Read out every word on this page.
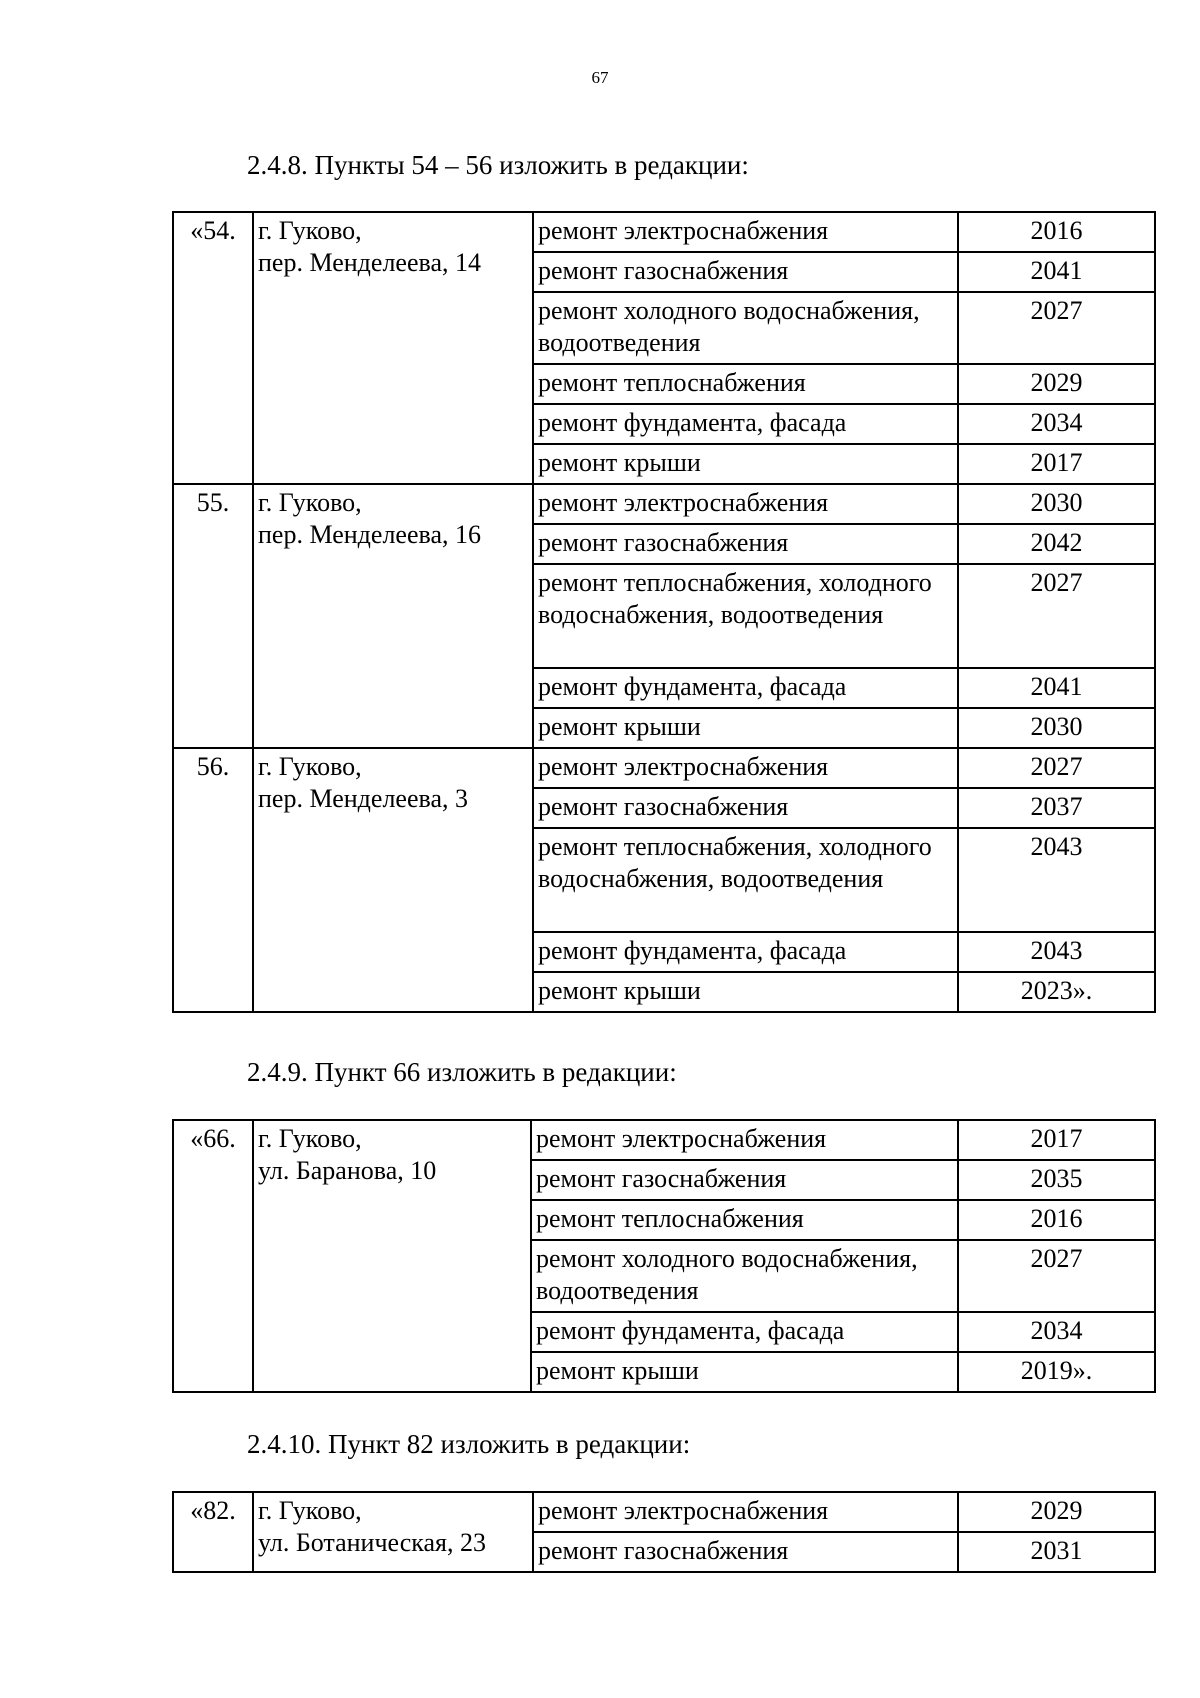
67
2.4.8. Пункты 54 – 56 изложить в редакции:
«54.	г. Гуково,
пер. Менделеева, 14	ремонт электроснабжения	2016
		ремонт газоснабжения	2041
		ремонт холодного водоснабжения, водоотведения	2027
		ремонт теплоснабжения	2029
		ремонт фундамента, фасада	2034
		ремонт крыши	2017
55.	г. Гуково,
пер. Менделеева, 16	ремонт электроснабжения	2030
		ремонт газоснабжения	2042
		ремонт теплоснабжения, холодного водоснабжения, водоотведения	2027
		ремонт фундамента, фасада	2041
		ремонт крыши	2030
56.	г. Гуково,
пер. Менделеева, 3	ремонт электроснабжения	2027
		ремонт газоснабжения	2037
		ремонт теплоснабжения, холодного водоснабжения, водоотведения	2043
		ремонт фундамента, фасада	2043
		ремонт крыши	2023».
2.4.9. Пункт 66 изложить в редакции:
«66.	г. Гуково,
ул. Баранова, 10	ремонт электроснабжения	2017
		ремонт газоснабжения	2035
		ремонт теплоснабжения	2016
		ремонт холодного водоснабжения, водоотведения	2027
		ремонт фундамента, фасада	2034
		ремонт крыши	2019».
2.4.10. Пункт 82 изложить в редакции:
«82.	г. Гуково,
ул. Ботаническая, 23	ремонт электроснабжения	2029
		ремонт газоснабжения	2031
